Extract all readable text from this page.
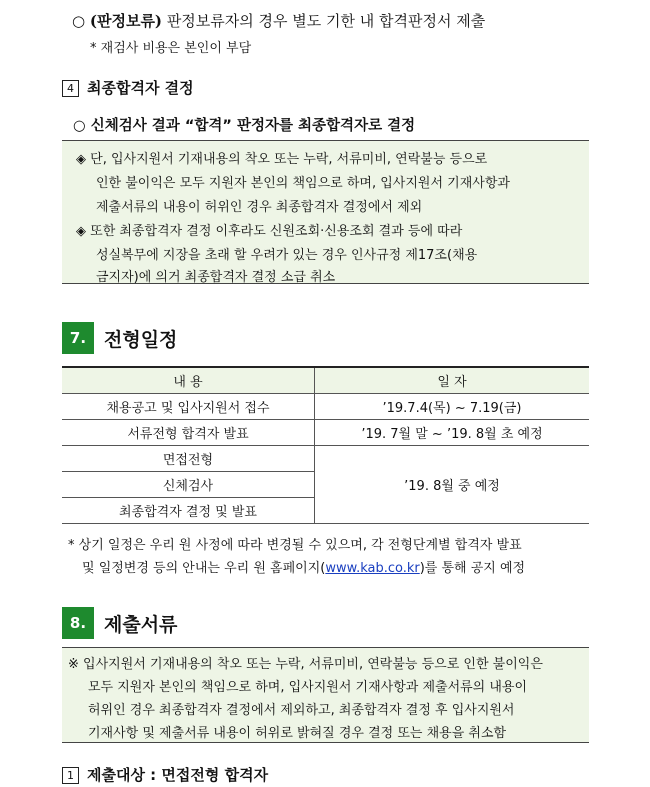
○ (판정보류) 판정보류자의 경우 별도 기한 내 합격판정서 제출
* 재검사 비용은 본인이 부담
4 최종합격자 결정
○ 신체검사 결과 “합격” 판정자를 최종합격자로 결정
◈ 단, 입사지원서 기재내용의 착오 또는 누락, 서류미비, 연락불능 등으로
인한 불이익은 모두 지원자 본인의 책임으로 하며, 입사지원서 기재사항과
제출서류의 내용이 허위인 경우 최종합격자 결정에서 제외
◈ 또한 최종합격자 결정 이후라도 신원조회·신용조회 결과 등에 따라
성실복무에 지장을 초래 할 우려가 있는 경우 인사규정 제17조(채용
금지자)에 의거 최종합격자 결정 소급 취소
7. 전형일정
내 용	일 자
채용공고 및 입사지원서 접수	’19.7.4(목) ~ 7.19(금)
서류전형 합격자 발표	’19. 7월 말 ~ ’19. 8월 초 예정
면접전형	’19. 8월 중 예정
신체검사	
최종합격자 결정 및 발표	
* 상기 일정은 우리 원 사정에 따라 변경될 수 있으며, 각 전형단계별 합격자 발표
및 일정변경 등의 안내는 우리 원 홈페이지(www.kab.co.kr)를 통해 공지 예정
8. 제출서류
※ 입사지원서 기재내용의 착오 또는 누락, 서류미비, 연락불능 등으로 인한 불이익은
모두 지원자 본인의 책임으로 하며, 입사지원서 기재사항과 제출서류의 내용이
허위인 경우 최종합격자 결정에서 제외하고, 최종합격자 결정 후 입사지원서
기재사항 및 제출서류 내용이 허위로 밝혀질 경우 결정 또는 채용을 취소함
1 제출대상 : 면접전형 합격자
